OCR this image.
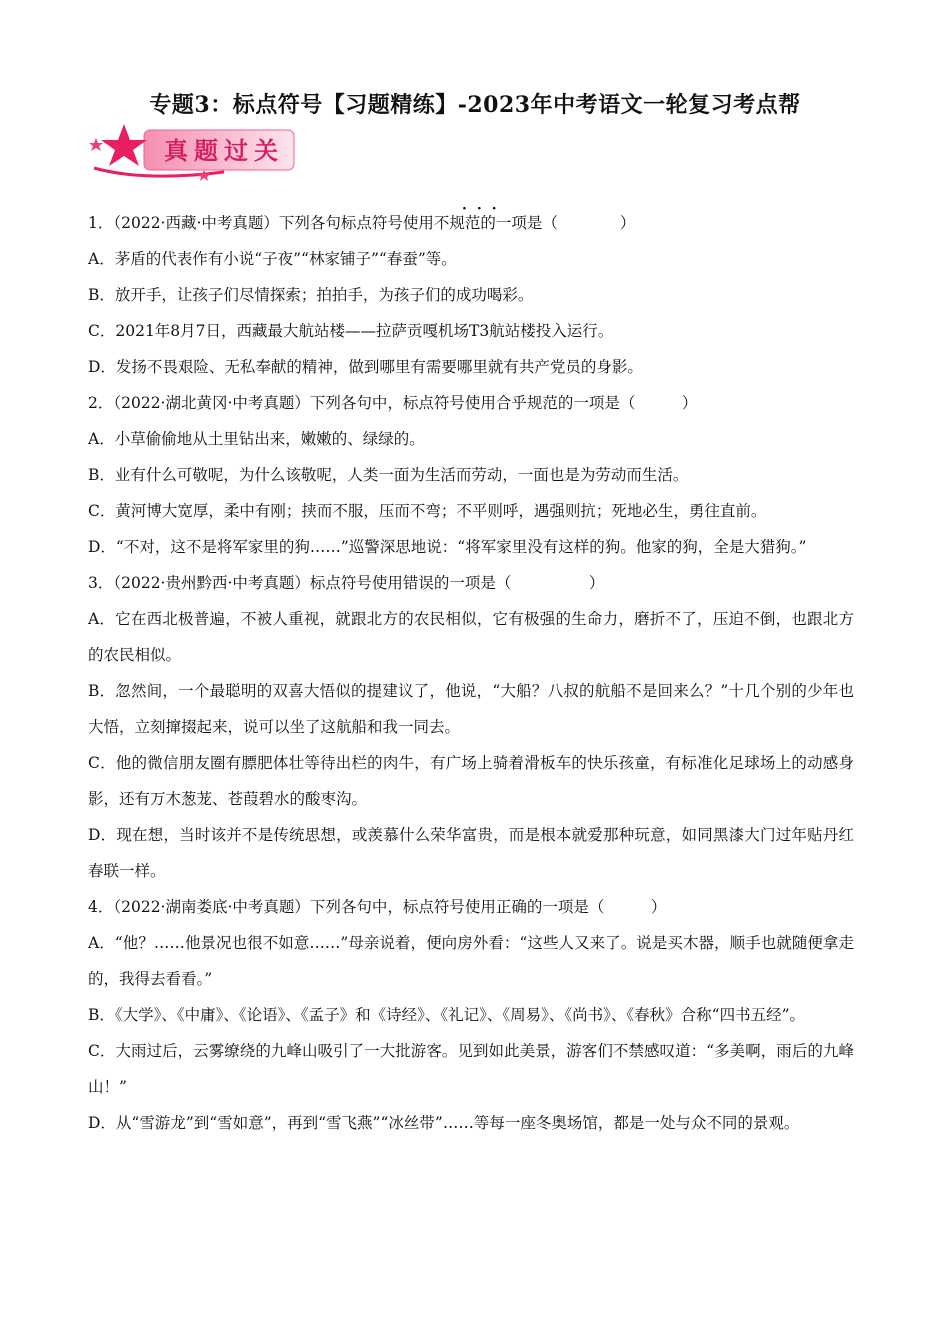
专题3：标点符号【习题精练】-2023年中考语文一轮复习考点帮
真题过关
···
1．（2022·西藏·中考真题）下列各句标点符号使用不规范的一项是（　　　　）
A．茅盾的代表作有小说“子夜”“林家铺子”“春蚕”等。
B．放开手，让孩子们尽情探索；拍拍手，为孩子们的成功喝彩。
C．2021年8月7日，西藏最大航站楼——拉萨贡嘎机场T3航站楼投入运行。
D．发扬不畏艰险、无私奉献的精神，做到哪里有需要哪里就有共产党员的身影。
2．（2022·湖北黄冈·中考真题）下列各句中，标点符号使用合乎规范的一项是（　　　）
A．小草偷偷地从土里钻出来，嫩嫩的、绿绿的。
B．业有什么可敬呢，为什么该敬呢，人类一面为生活而劳动，一面也是为劳动而生活。
C．黄河博大宽厚，柔中有刚；挟而不服，压而不弯；不平则呼，遇强则抗；死地必生，勇往直前。
D．“不对，这不是将军家里的狗……”巡警深思地说：“将军家里没有这样的狗。他家的狗，全是大猎狗。”
3．（2022·贵州黔西·中考真题）标点符号使用错误的一项是（　　　　　）
A．它在西北极普遍，不被人重视，就跟北方的农民相似，它有极强的生命力，磨折不了，压迫不倒，也跟北方的农民相似。
B．忽然间，一个最聪明的双喜大悟似的提建议了，他说，“大船？八叔的航船不是回来么？”十几个别的少年也大悟，立刻撺掇起来，说可以坐了这航船和我一同去。
C．他的微信朋友圈有膘肥体壮等待出栏的肉牛，有广场上骑着滑板车的快乐孩童，有标准化足球场上的动感身影，还有万木葱茏、苍葭碧水的酸枣沟。
D．现在想，当时该并不是传统思想，或羡慕什么荣华富贵，而是根本就爱那种玩意，如同黑漆大门过年贴丹红春联一样。
4．（2022·湖南娄底·中考真题）下列各句中，标点符号使用正确的一项是（　　　）
A．“他？……他景况也很不如意……”母亲说着，便向房外看：“这些人又来了。说是买木器，顺手也就随便拿走的，我得去看看。”
B．《大学》、《中庸》、《论语》、《孟子》和《诗经》、《礼记》、《周易》、《尚书》、《春秋》合称“四书五经”。
C．大雨过后，云雾缭绕的九峰山吸引了一大批游客。见到如此美景，游客们不禁感叹道：“多美啊，雨后的九峰山！”
D．从“雪游龙”到“雪如意”，再到“雪飞燕”“冰丝带”……等每一座冬奥场馆，都是一处与众不同的景观。
